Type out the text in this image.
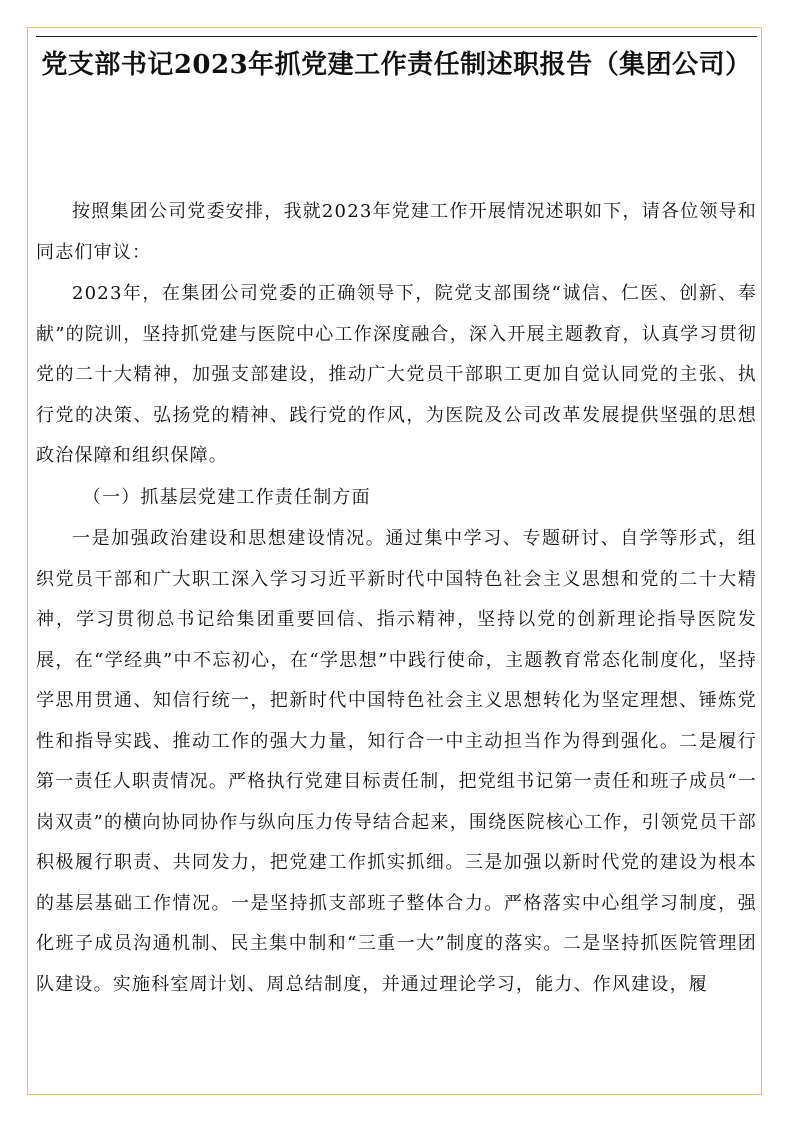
党支部书记2023年抓党建工作责任制述职报告（集团公司）

按照集团公司党委安排，我就2023年党建工作开展情况述职如下，请各位领导和同志们审议：

2023年，在集团公司党委的正确领导下，院党支部围绕“诚信、仁医、创新、奉献”的院训，坚持抓党建与医院中心工作深度融合，深入开展主题教育，认真学习贯彻党的二十大精神，加强支部建设，推动广大党员干部职工更加自觉认同党的主张、执行党的决策、弘扬党的精神、践行党的作风，为医院及公司改革发展提供坚强的思想政治保障和组织保障。

（一）抓基层党建工作责任制方面

一是加强政治建设和思想建设情况。通过集中学习、专题研讨、自学等形式，组织党员干部和广大职工深入学习习近平新时代中国特色社会主义思想和党的二十大精神，学习贯彻总书记给集团重要回信、指示精神，坚持以党的创新理论指导医院发展，在“学经典”中不忘初心，在“学思想”中践行使命，主题教育常态化制度化，坚持学思用贯通、知信行统一，把新时代中国特色社会主义思想转化为坚定理想、锤炼党性和指导实践、推动工作的强大力量，知行合一中主动担当作为得到强化。二是履行第一责任人职责情况。严格执行党建目标责任制，把党组书记第一责任和班子成员“一岗双责”的横向协同协作与纵向压力传导结合起来，围绕医院核心工作，引领党员干部积极履行职责、共同发力，把党建工作抓实抓细。三是加强以新时代党的建设为根本的基层基础工作情况。一是坚持抓支部班子整体合力。严格落实中心组学习制度，强化班子成员沟通机制、民主集中制和“三重一大”制度的落实。二是坚持抓医院管理团队建设。实施科室周计划、周总结制度，并通过理论学习，能力、作风建设，履
